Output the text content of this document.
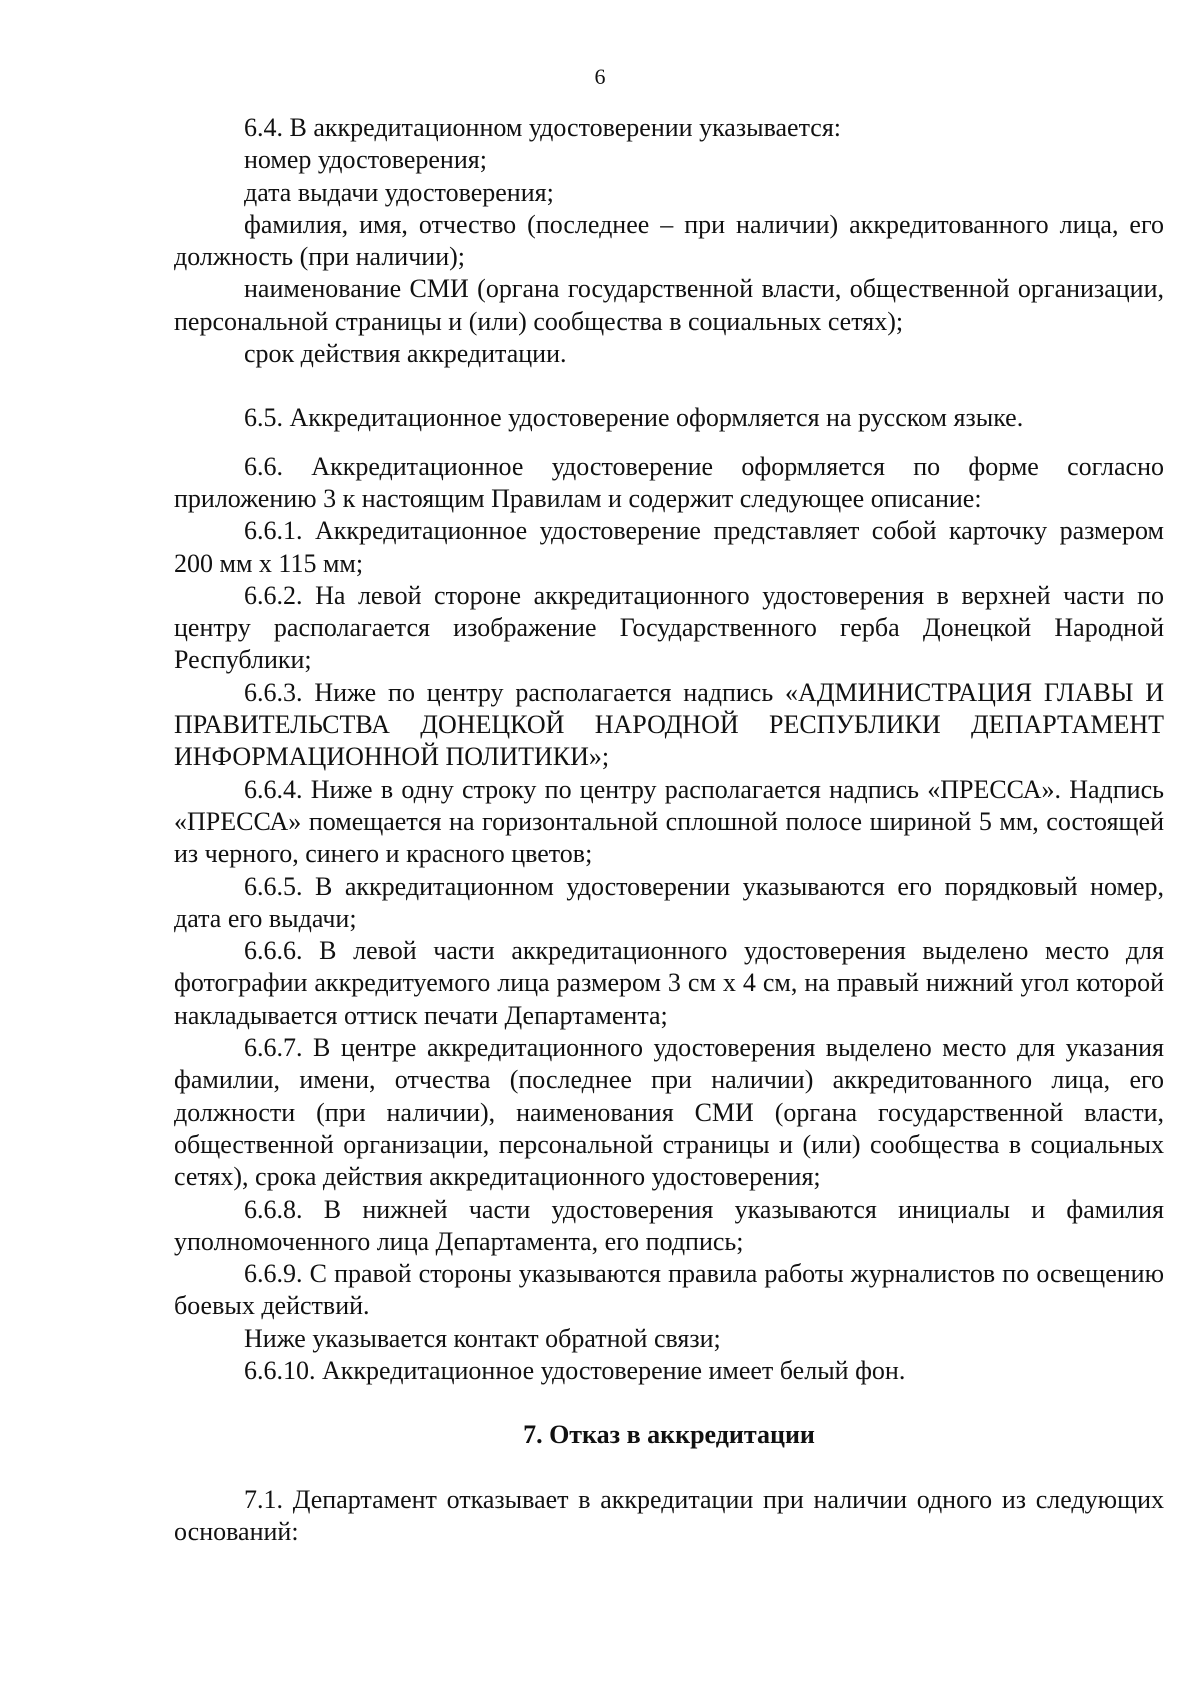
6

6.4. В аккредитационном удостоверении указывается:

номер удостоверения;

дата выдачи удостоверения;

фамилия, имя, отчество (последнее – при наличии) аккредитованного лица, его должность (при наличии);

наименование СМИ (органа государственной власти, общественной организации, персональной страницы и (или) сообщества в социальных сетях);

срок действия аккредитации.

6.5. Аккредитационное удостоверение оформляется на русском языке.

6.6. Аккредитационное удостоверение оформляется по форме согласно приложению 3 к настоящим Правилам и содержит следующее описание:

6.6.1. Аккредитационное удостоверение представляет собой карточку размером 200 мм х 115 мм;

6.6.2. На левой стороне аккредитационного удостоверения в верхней части по центру располагается изображение Государственного герба Донецкой Народной Республики;

6.6.3. Ниже по центру располагается надпись «АДМИНИСТРАЦИЯ ГЛАВЫ И ПРАВИТЕЛЬСТВА ДОНЕЦКОЙ НАРОДНОЙ РЕСПУБЛИКИ ДЕПАРТАМЕНТ ИНФОРМАЦИОННОЙ ПОЛИТИКИ»;

6.6.4. Ниже в одну строку по центру располагается надпись «ПРЕССА». Надпись «ПРЕССА» помещается на горизонтальной сплошной полосе шириной 5 мм, состоящей из черного, синего и красного цветов;

6.6.5. В аккредитационном удостоверении указываются его порядковый номер, дата его выдачи;

6.6.6. В левой части аккредитационного удостоверения выделено место для фотографии аккредитуемого лица размером 3 см х 4 см, на правый нижний угол которой накладывается оттиск печати Департамента;

6.6.7. В центре аккредитационного удостоверения выделено место для указания фамилии, имени, отчества (последнее при наличии) аккредитованного лица, его должности (при наличии), наименования СМИ (органа государственной власти, общественной организации, персональной страницы и (или) сообщества в социальных сетях), срока действия аккредитационного удостоверения;

6.6.8. В нижней части удостоверения указываются инициалы и фамилия уполномоченного лица Департамента, его подпись;

6.6.9. С правой стороны указываются правила работы журналистов по освещению боевых действий.

Ниже указывается контакт обратной связи;

6.6.10. Аккредитационное удостоверение имеет белый фон.

7. Отказ в аккредитации

7.1. Департамент отказывает в аккредитации при наличии одного из следующих оснований:
